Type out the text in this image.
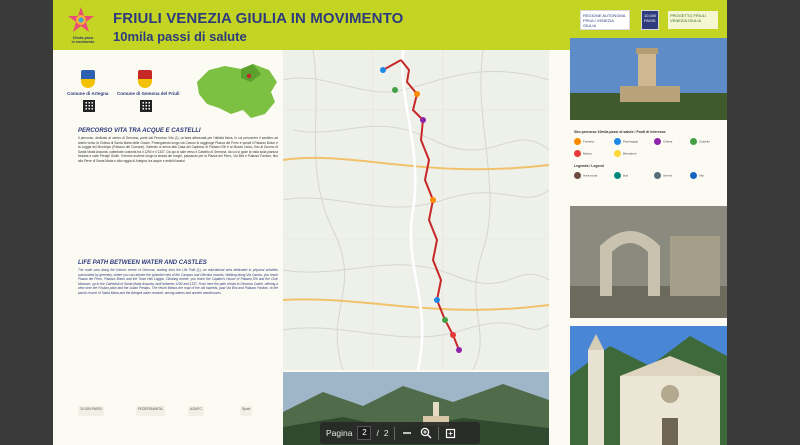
10mila passi
in movimento
FRIULI VENEZIA GIULIA IN MOVIMENTO
10mila passi di salute
REGIONE AUTONOMA FRIULI VENEZIA GIULIA
10.000 PASSI
PROGETTO FRIULI VENEZIA GIULIA
Comune di Artegna Comune di Gemona del Friuli
PERCORSO VITA TRA ACQUE E CASTELLI
Il percorso, dedicato al centro di Gemona, parte dal Percorso Vita (1), un'area attrezzata per l'attività fisica, in cui percorrere il sentiero ad anello verso la Chiesa di Santa Maria delle Grazie. Proseguendo lungo via Cavour si raggiunge Piazza del Ferro e quindi il Palazzo Boton e la Loggia del Municipio (Palazzo del Comune). Salendo si arriva alla Casa del Capitano di Palazzo Elti e al Museo civico, fino al Duomo di Santa Maria Assunta, cattedrale costruita tra il 1290 e il 1337. Da qui si sale verso il Castello di Gemona, da cui si gode la vista sulla pianura friulana e sulle Prealpi Giulie. Il rientro avviene lungo la strada dei borghi, passando per la Piazza del Ferro, Via Bini e Palazzo Fantoni, fino alla Pieve di Santa Maria e alla roggia di Artegna, tra acque e antichi lavatoi.
LIFE PATH BETWEEN WATER AND CASTLES
The route runs along the historic centre of Gemona, starting from the Life Path (1), an educational area dedicated to physical activities surrounded by greenery, where you can admire the splendid view of the Campon and Glemina mounts. Walking along Via Cavour, you reach Piazza del Ferro, Palazzo Boton and the Town Hall Loggia. Climbing further, you reach the Captain's House of Palazzo Elti and the Civic Museum, up to the Cathedral of Santa Maria Assunta, built between 1290 and 1337. From here the path climbs to Gemona Castle, offering a view over the Friulian plain and the Julian Prealps. The return follows the road of the old hamlets, past Via Bini and Palazzo Fantoni, to the parish church of Santa Maria and the Artegna water channel, among waters and ancient washhouses.
10.000 PASSI	FEDERSANITÀ	ASUFC	Sport
Sito percorso 10mila passi di salute / Punti di interesse
Fontana	Parcheggio	Chiesa	Castello
Museo	Belvedere
Legenda / Legend
Area sosta	Bus	Servizi	Info
Pagina	2	/ 2
